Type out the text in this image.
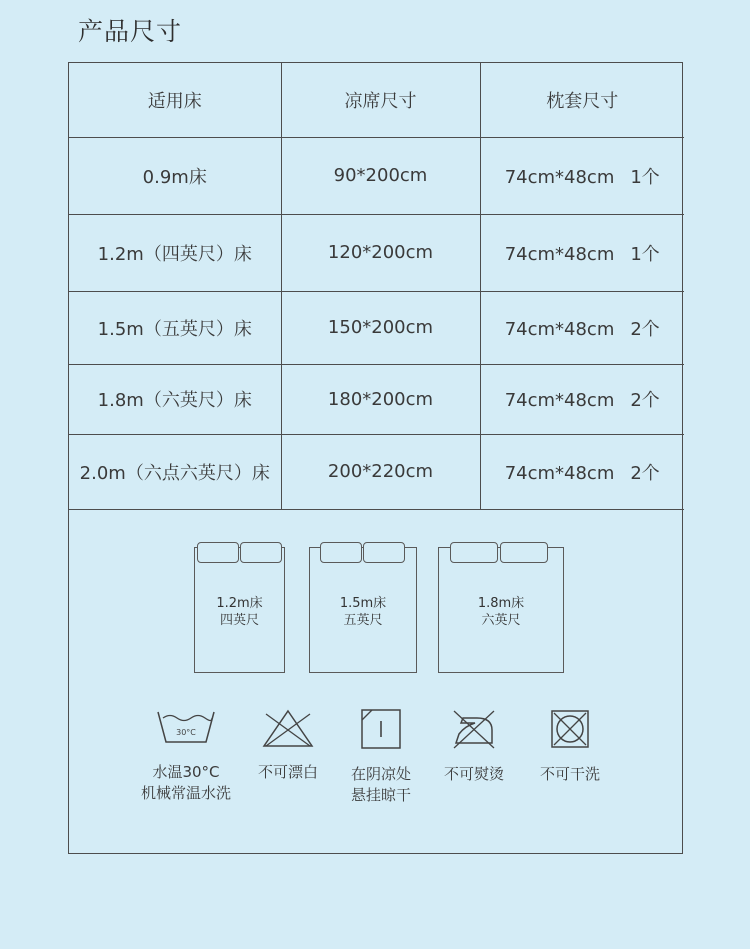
产品尺寸
适用床	凉席尺寸	枕套尺寸
0.9m床	90*200cm	74cm*48cm 1个
1.2m（四英尺）床	120*200cm	74cm*48cm 1个
1.5m（五英尺）床	150*200cm	74cm*48cm 2个
1.8m（六英尺）床	180*200cm	74cm*48cm 2个
2.0m（六点六英尺）床	200*220cm	74cm*48cm 2个
1.2m床
四英尺
1.5m床
五英尺
1.8m床
六英尺
30°C
水温30°C
机械常温水洗
不可漂白	在阴凉处
悬挂晾干
不可熨烫	不可干洗
